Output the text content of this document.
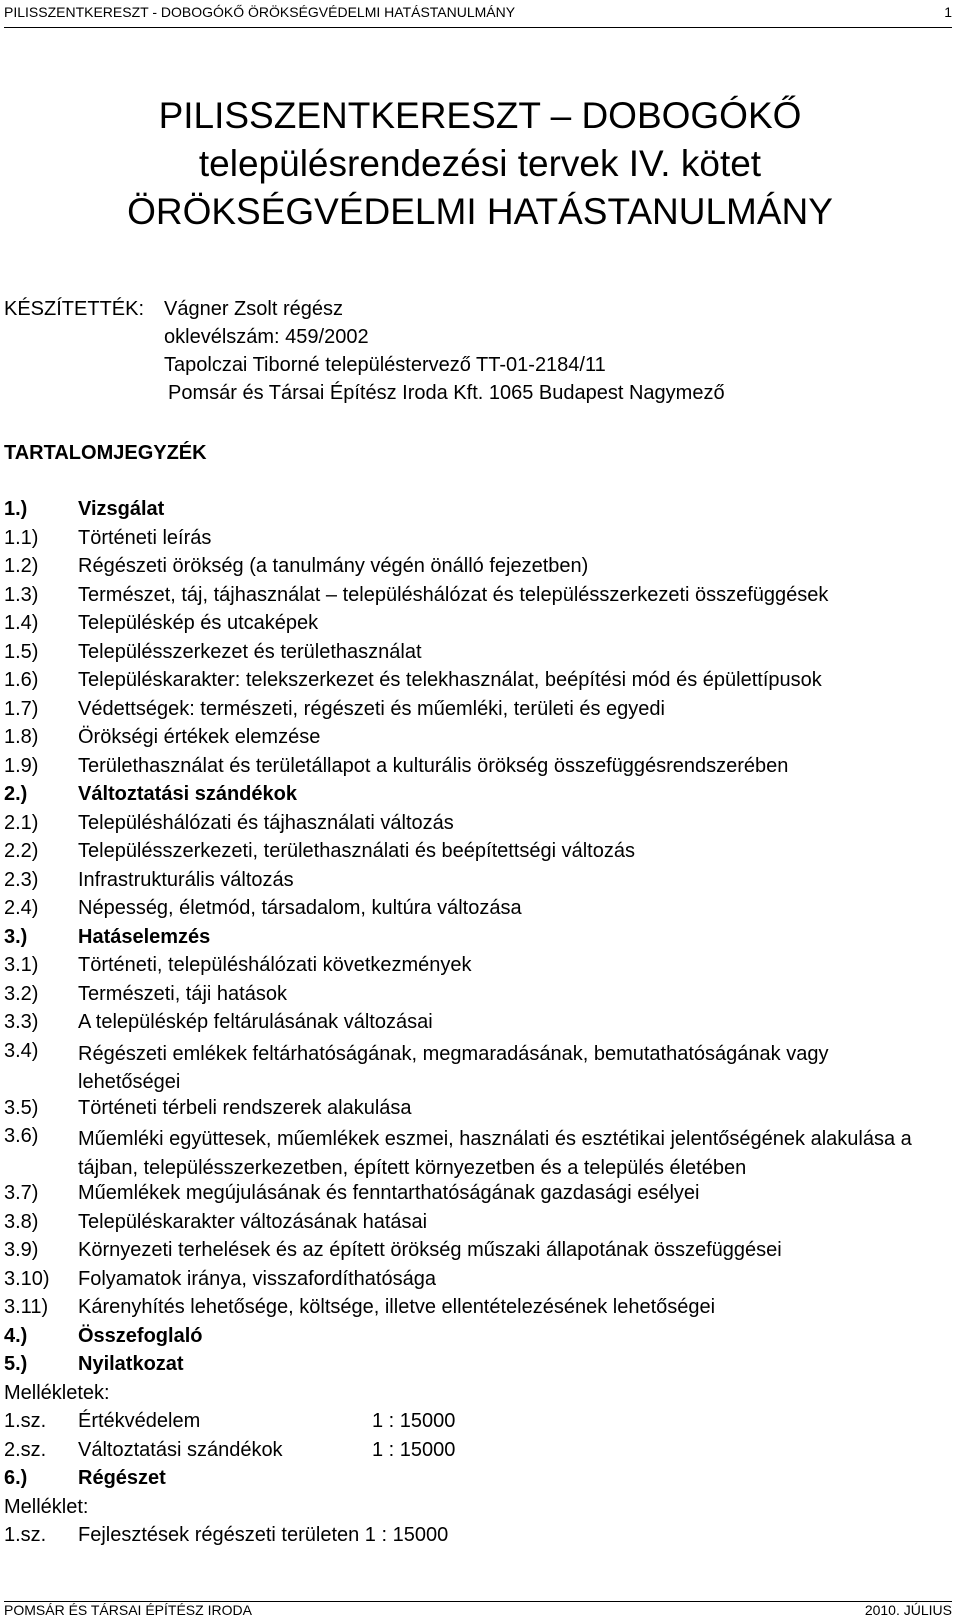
PILISSZENTKERESZT - DOBOGÓKŐ ÖRÖKSÉGVÉDELMI HATÁSTANULMÁNY	1
PILISSZENTKERESZT – DOBOGÓKŐ
településrendezési tervek IV. kötet
ÖRÖKSÉGVÉDELMI HATÁSTANULMÁNY
KÉSZÍTETTÉK: Vágner Zsolt régész
oklevélszám: 459/2002
Tapolczai Tiborné településtervező TT-01-2184/11
Pomsár és Társai Építész Iroda Kft. 1065 Budapest Nagymező
TARTALOMJEGYZÉK
1.)	Vizsgálat
1.1) Történeti leírás
1.2) Régészeti örökség (a tanulmány végén önálló fejezetben)
1.3) Természet, táj, tájhasználat – településhálózat és településszerkezeti összefüggések
1.4) Településkép és utcaképek
1.5) Településszerkezet és területhasználat
1.6) Településkarakter: telekszerkezet és telekhasználat, beépítési mód és épülettípusok
1.7) Védettségek: természeti, régészeti és műemléki, területi és egyedi
1.8) Örökségi értékek elemzése
1.9) Területhasználat és területállapot a kulturális örökség összefüggésrendszerében
2.)	Változtatási szándékok
2.1) Településhálózati és tájhasználati változás
2.2) Településszerkezeti, területhasználati és beépítettségi változás
2.3) Infrastrukturális változás
2.4) Népesség, életmód, társadalom, kultúra változása
3.)	Hatáselemzés
3.1) Történeti, településhálózati következmények
3.2) Természeti, táji hatások
3.3) A településkép feltárulásának változásai
3.4) Régészeti emlékek feltárhatóságának, megmaradásának, bemutathatóságának vagy lehetőségei
3.5) Történeti térbeli rendszerek alakulása
3.6) Műemléki együttesek, műemlékek eszmei, használati és esztétikai jelentőségének alakulása a tájban, településszerkezetben, épített környezetben és a település életében
3.7) Műemlékek megújulásának és fenntarthatóságának gazdasági esélyei
3.8) Településkarakter változásának hatásai
3.9) Környezeti terhelések és az épített örökség műszaki állapotának összefüggései
3.10) Folyamatok iránya, visszafordíthatósága
3.11) Kárenyhítés lehetősége, költsége, illetve ellentételezésének lehetőségei
4.)	Összefoglaló
5.)	Nyilatkozat
Mellékletek:
1.sz. Értékvédelem	1 : 15000
2.sz. Változtatási szándékok	1 : 15000
6.)	Régészet
Melléklet:
1.sz. Fejlesztések régészeti területen 1 : 15000
POMSÁR ÉS TÁRSAI ÉPÍTÉSZ IRODA	2010. JÚLIUS
